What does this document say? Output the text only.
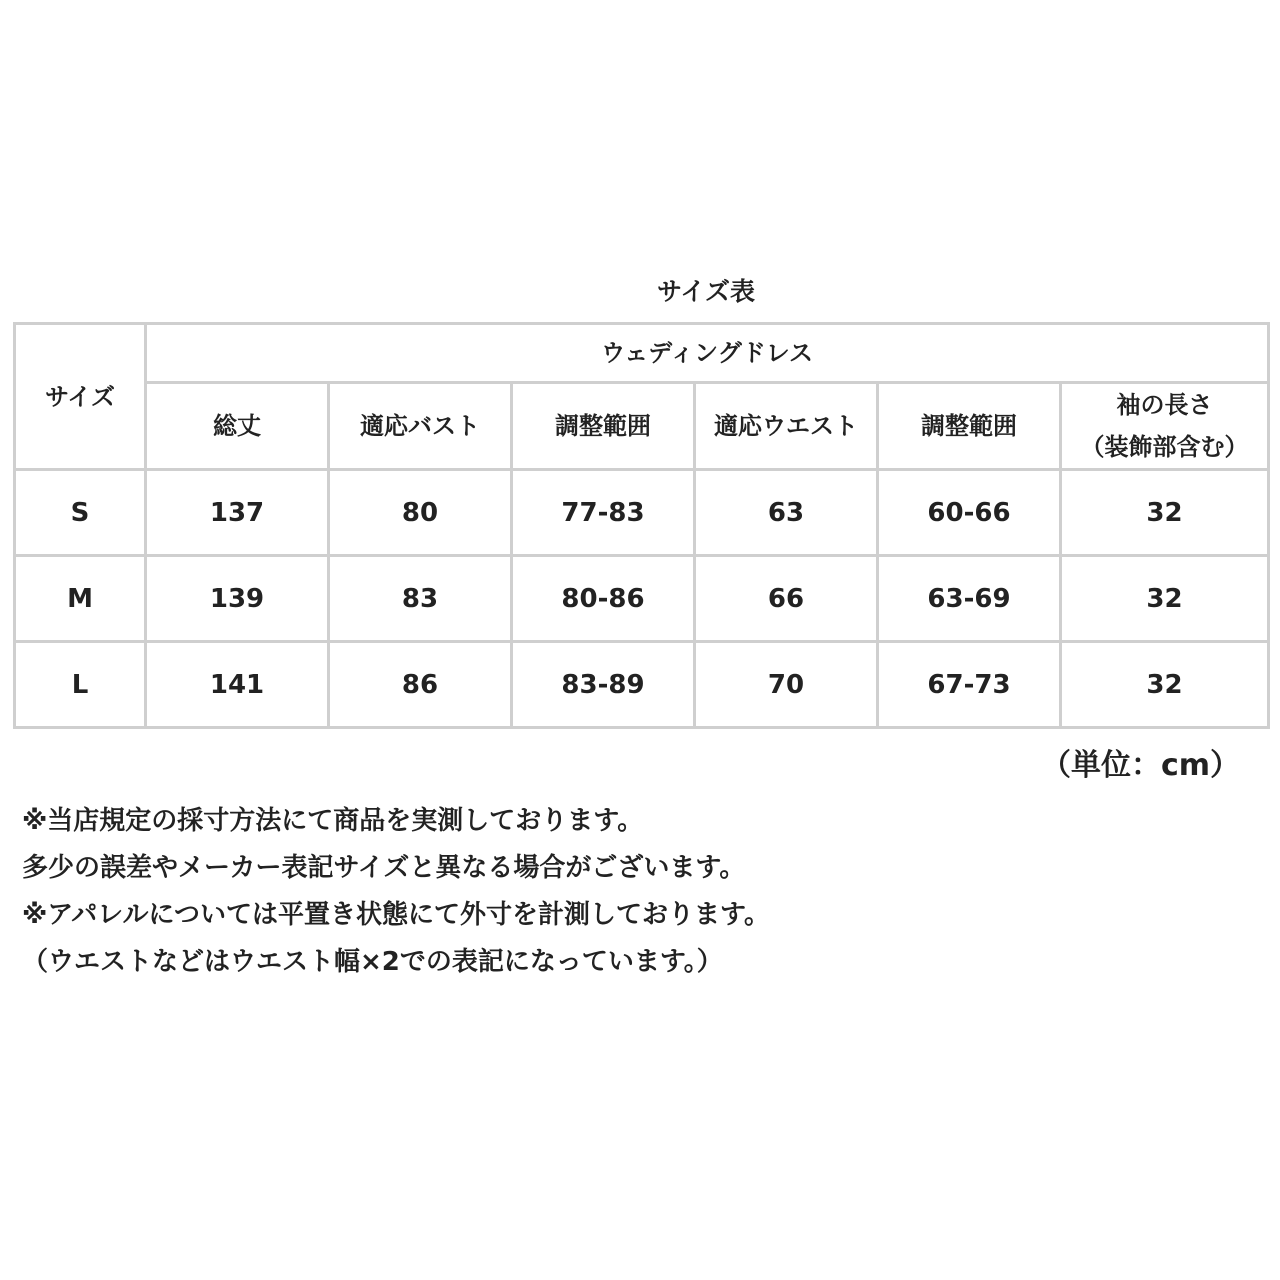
サイズ表
サイズ	ウェディングドレス					
	総丈	適応バスト	調整範囲	適応ウエスト	調整範囲	袖の長さ
（装飾部含む）

S	137	80	77-83	63	60-66	32
M	139	83	80-86	66	63-69	32
L	141	86	83-89	70	67-73	32
（単位：cm）
※当店規定の採寸方法にて商品を実測しております。
多少の誤差やメーカー表記サイズと異なる場合がございます。
※アパレルについては平置き状態にて外寸を計測しております。
（ウエストなどはウエスト幅×2での表記になっています。）
